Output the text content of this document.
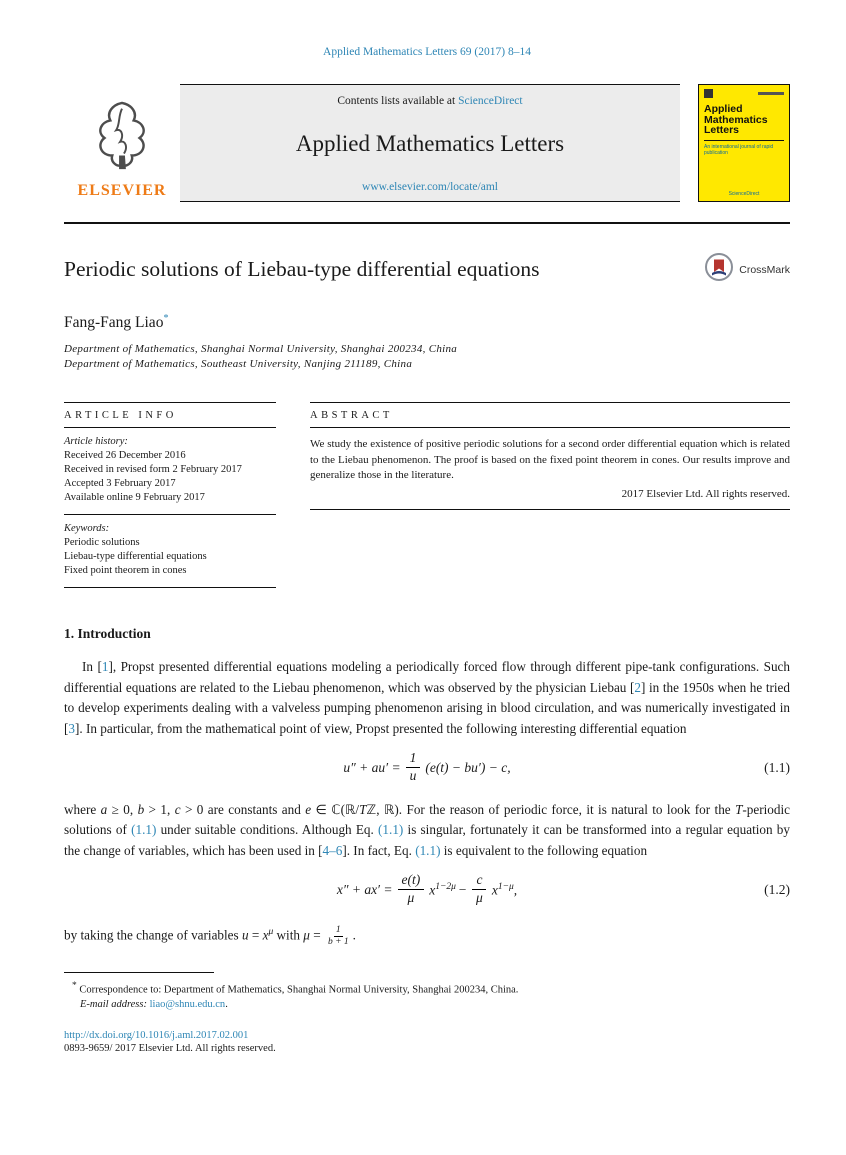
Applied Mathematics Letters 69 (2017) 8–14
ELSEVIER
Contents lists available at ScienceDirect
Applied Mathematics Letters
www.elsevier.com/locate/aml
Applied
Mathematics
Letters
An international journal of rapid publication
ScienceDirect
Periodic solutions of Liebau-type differential equations	CrossMark
Fang-Fang Liao*
Department of Mathematics, Shanghai Normal University, Shanghai 200234, China
Department of Mathematics, Southeast University, Nanjing 211189, China
ARTICLE INFO
Article history:
Received 26 December 2016
Received in revised form 2 February 2017
Accepted 3 February 2017
Available online 9 February 2017
Keywords:
Periodic solutions
Liebau-type differential equations
Fixed point theorem in cones
ABSTRACT
We study the existence of positive periodic solutions for a second order differential equation which is related to the Liebau phenomenon. The proof is based on the fixed point theorem in cones. Our results improve and generalize those in the literature.
2017 Elsevier Ltd. All rights reserved.
1. Introduction
In [1], Propst presented differential equations modeling a periodically forced flow through different pipe-tank configurations. Such differential equations are related to the Liebau phenomenon, which was observed by the physician Liebau [2] in the 1950s when he tried to develop experiments dealing with a valveless pumping phenomenon arising in blood circulation, and was numerically investigated in [3]. In particular, from the mathematical point of view, Propst presented the following interesting differential equation
$u'' + au' = \frac{1}{u} (e(t) - bu') - c$,	(1.1)
where a ≥ 0, b > 1, c > 0 are constants and e ∈ ℂ(ℝ/Tℤ, ℝ). For the reason of periodic force, it is natural to look for the T-periodic solutions of (1.1) under suitable conditions. Although Eq. (1.1) is singular, fortunately it can be transformed into a regular equation by the change of variables, which has been used in [4–6]. In fact, Eq. (1.1) is equivalent to the following equation
$x'' + ax' = \frac{e(t)}{\mu} x^{1-2\mu} - \frac{c}{\mu} x^{1-\mu}$,	(1.2)
by taking the change of variables $u = x^\mu$ with $\mu = \frac{1}{b + 1}$ .
* Correspondence to: Department of Mathematics, Shanghai Normal University, Shanghai 200234, China.
E-mail address: liao@shnu.edu.cn.
http://dx.doi.org/10.1016/j.aml.2017.02.001
0893-9659/ 2017 Elsevier Ltd. All rights reserved.
